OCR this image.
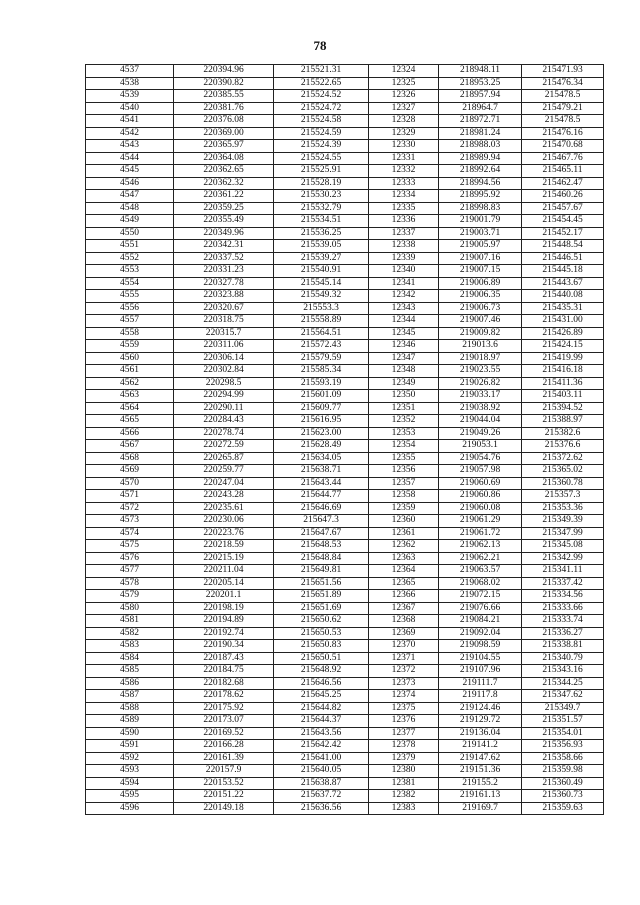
78
4537	220394.96	215521.31	12324	218948.11	215471.93
4538	220390.82	215522.65	12325	218953.25	215476.34
4539	220385.55	215524.52	12326	218957.94	215478.5
4540	220381.76	215524.72	12327	218964.7	215479.21
4541	220376.08	215524.58	12328	218972.71	215478.5
4542	220369.00	215524.59	12329	218981.24	215476.16
4543	220365.97	215524.39	12330	218988.03	215470.68
4544	220364.08	215524.55	12331	218989.94	215467.76
4545	220362.65	215525.91	12332	218992.64	215465.11
4546	220362.32	215528.19	12333	218994.56	215462.47
4547	220361.22	215530.23	12334	218995.92	215460.26
4548	220359.25	215532.79	12335	218998.83	215457.67
4549	220355.49	215534.51	12336	219001.79	215454.45
4550	220349.96	215536.25	12337	219003.71	215452.17
4551	220342.31	215539.05	12338	219005.97	215448.54
4552	220337.52	215539.27	12339	219007.16	215446.51
4553	220331.23	215540.91	12340	219007.15	215445.18
4554	220327.78	215545.14	12341	219006.89	215443.67
4555	220323.88	215549.32	12342	219006.35	215440.08
4556	220320.67	215553.3	12343	219006.73	215435.31
4557	220318.75	215558.89	12344	219007.46	215431.00
4558	220315.7	215564.51	12345	219009.82	215426.89
4559	220311.06	215572.43	12346	219013.6	215424.15
4560	220306.14	215579.59	12347	219018.97	215419.99
4561	220302.84	215585.34	12348	219023.55	215416.18
4562	220298.5	215593.19	12349	219026.82	215411.36
4563	220294.99	215601.09	12350	219033.17	215403.11
4564	220290.11	215609.77	12351	219038.92	215394.52
4565	220284.43	215616.95	12352	219044.04	215388.97
4566	220278.74	215623.00	12353	219049.26	215382.6
4567	220272.59	215628.49	12354	219053.1	215376.6
4568	220265.87	215634.05	12355	219054.76	215372.62
4569	220259.77	215638.71	12356	219057.98	215365.02
4570	220247.04	215643.44	12357	219060.69	215360.78
4571	220243.28	215644.77	12358	219060.86	215357.3
4572	220235.61	215646.69	12359	219060.08	215353.36
4573	220230.06	215647.3	12360	219061.29	215349.39
4574	220223.76	215647.67	12361	219061.72	215347.99
4575	220218.59	215648.53	12362	219062.13	215345.08
4576	220215.19	215648.84	12363	219062.21	215342.99
4577	220211.04	215649.81	12364	219063.57	215341.11
4578	220205.14	215651.56	12365	219068.02	215337.42
4579	220201.1	215651.89	12366	219072.15	215334.56
4580	220198.19	215651.69	12367	219076.66	215333.66
4581	220194.89	215650.62	12368	219084.21	215333.74
4582	220192.74	215650.53	12369	219092.04	215336.27
4583	220190.34	215650.83	12370	219098.59	215338.81
4584	220187.43	215650.51	12371	219104.55	215340.79
4585	220184.75	215648.92	12372	219107.96	215343.16
4586	220182.68	215646.56	12373	219111.7	215344.25
4587	220178.62	215645.25	12374	219117.8	215347.62
4588	220175.92	215644.82	12375	219124.46	215349.7
4589	220173.07	215644.37	12376	219129.72	215351.57
4590	220169.52	215643.56	12377	219136.04	215354.01
4591	220166.28	215642.42	12378	219141.2	215356.93
4592	220161.39	215641.00	12379	219147.62	215358.66
4593	220157.9	215640.05	12380	219151.36	215359.98
4594	220153.52	215638.87	12381	219155.2	215360.49
4595	220151.22	215637.72	12382	219161.13	215360.73
4596	220149.18	215636.56	12383	219169.7	215359.63
